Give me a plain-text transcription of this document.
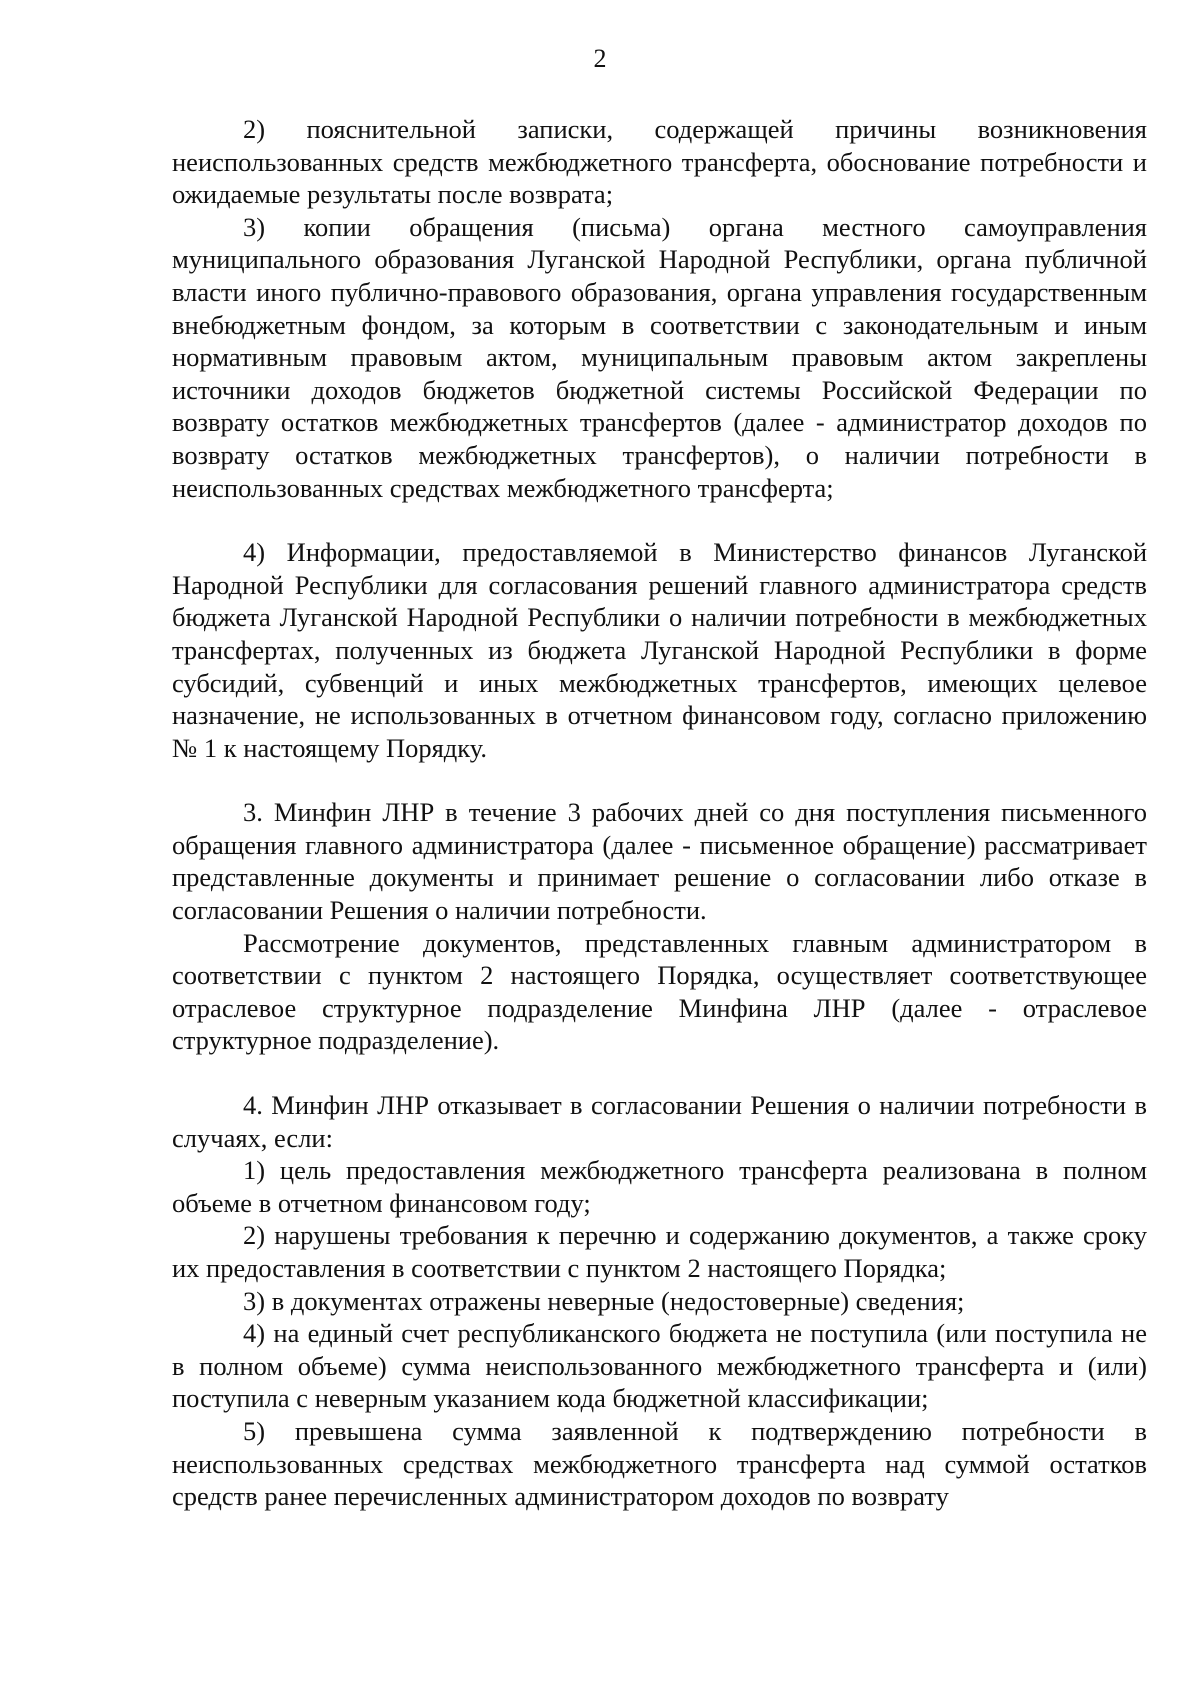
2

2) пояснительной записки, содержащей причины возникновения неиспользованных средств межбюджетного трансферта, обоснование потребности и ожидаемые результаты после возврата;

3) копии обращения (письма) органа местного самоуправления муниципального образования Луганской Народной Республики, органа публичной власти иного публично-правового образования, органа управления государственным внебюджетным фондом, за которым в соответствии с законодательным и иным нормативным правовым актом, муниципальным правовым актом закреплены источники доходов бюджетов бюджетной системы Российской Федерации по возврату остатков межбюджетных трансфертов (далее - администратор доходов по возврату остатков межбюджетных трансфертов), о наличии потребности в неиспользованных средствах межбюджетного трансферта;

4) Информации, предоставляемой в Министерство финансов Луганской Народной Республики для согласования решений главного администратора средств бюджета Луганской Народной Республики о наличии потребности в межбюджетных трансфертах, полученных из бюджета Луганской Народной Республики в форме субсидий, субвенций и иных межбюджетных трансфертов, имеющих целевое назначение, не использованных в отчетном финансовом году, согласно приложению № 1 к настоящему Порядку.

3. Минфин ЛНР в течение 3 рабочих дней со дня поступления письменного обращения главного администратора (далее - письменное обращение) рассматривает представленные документы и принимает решение о согласовании либо отказе в согласовании Решения о наличии потребности.

Рассмотрение документов, представленных главным администратором в соответствии с пунктом 2 настоящего Порядка, осуществляет соответствующее отраслевое структурное подразделение Минфина ЛНР (далее - отраслевое структурное подразделение).

4. Минфин ЛНР отказывает в согласовании Решения о наличии потребности в случаях, если:

1) цель предоставления межбюджетного трансферта реализована в полном объеме в отчетном финансовом году;

2) нарушены требования к перечню и содержанию документов, а также сроку их предоставления в соответствии с пунктом 2 настоящего Порядка;

3) в документах отражены неверные (недостоверные) сведения;

4) на единый счет республиканского бюджета не поступила (или поступила не в полном объеме) сумма неиспользованного межбюджетного трансферта и (или) поступила с неверным указанием кода бюджетной классификации;

5) превышена сумма заявленной к подтверждению потребности в неиспользованных средствах межбюджетного трансферта над суммой остатков средств ранее перечисленных администратором доходов по возврату
